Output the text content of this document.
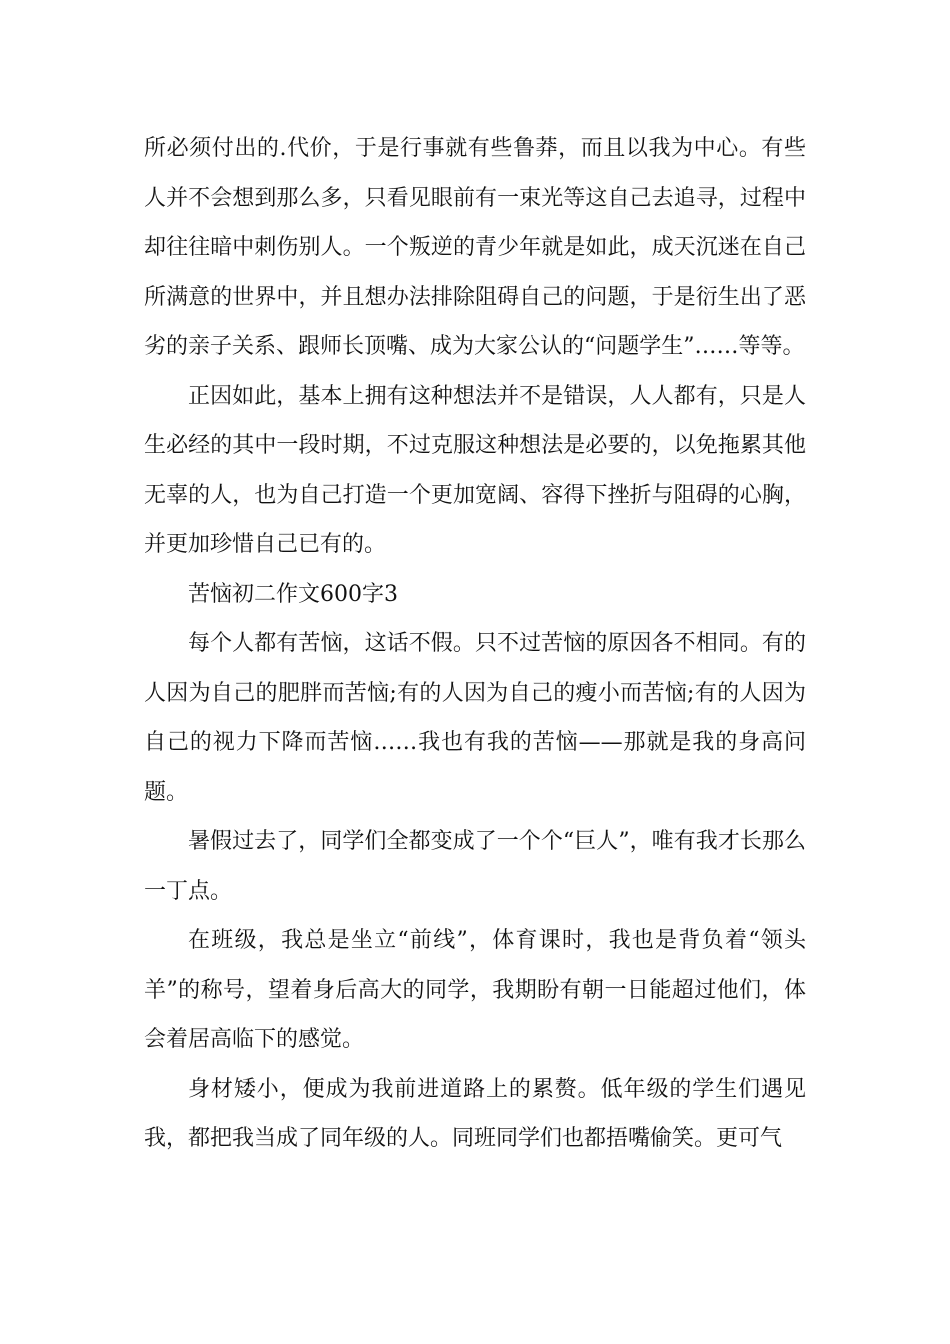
所必须付出的.代价，于是行事就有些鲁莽，而且以我为中心。有些人并不会想到那么多，只看见眼前有一束光等这自己去追寻，过程中却往往暗中刺伤别人。一个叛逆的青少年就是如此，成天沉迷在自己所满意的世界中，并且想办法排除阻碍自己的问题，于是衍生出了恶劣的亲子关系、跟师长顶嘴、成为大家公认的“问题学生”……等等。

正因如此，基本上拥有这种想法并不是错误，人人都有，只是人生必经的其中一段时期，不过克服这种想法是必要的，以免拖累其他无辜的人，也为自己打造一个更加宽阔、容得下挫折与阻碍的心胸，并更加珍惜自己已有的。

苦恼初二作文600字3

每个人都有苦恼，这话不假。只不过苦恼的原因各不相同。有的人因为自己的肥胖而苦恼;有的人因为自己的瘦小而苦恼;有的人因为自己的视力下降而苦恼……我也有我的苦恼——那就是我的身高问题。

暑假过去了，同学们全都变成了一个个“巨人”，唯有我才长那么一丁点。

在班级，我总是坐立“前线”，体育课时，我也是背负着“领头羊”的称号，望着身后高大的同学，我期盼有朝一日能超过他们，体会着居高临下的感觉。

身材矮小，便成为我前进道路上的累赘。低年级的学生们遇见我，都把我当成了同年级的人。同班同学们也都捂嘴偷笑。更可气
